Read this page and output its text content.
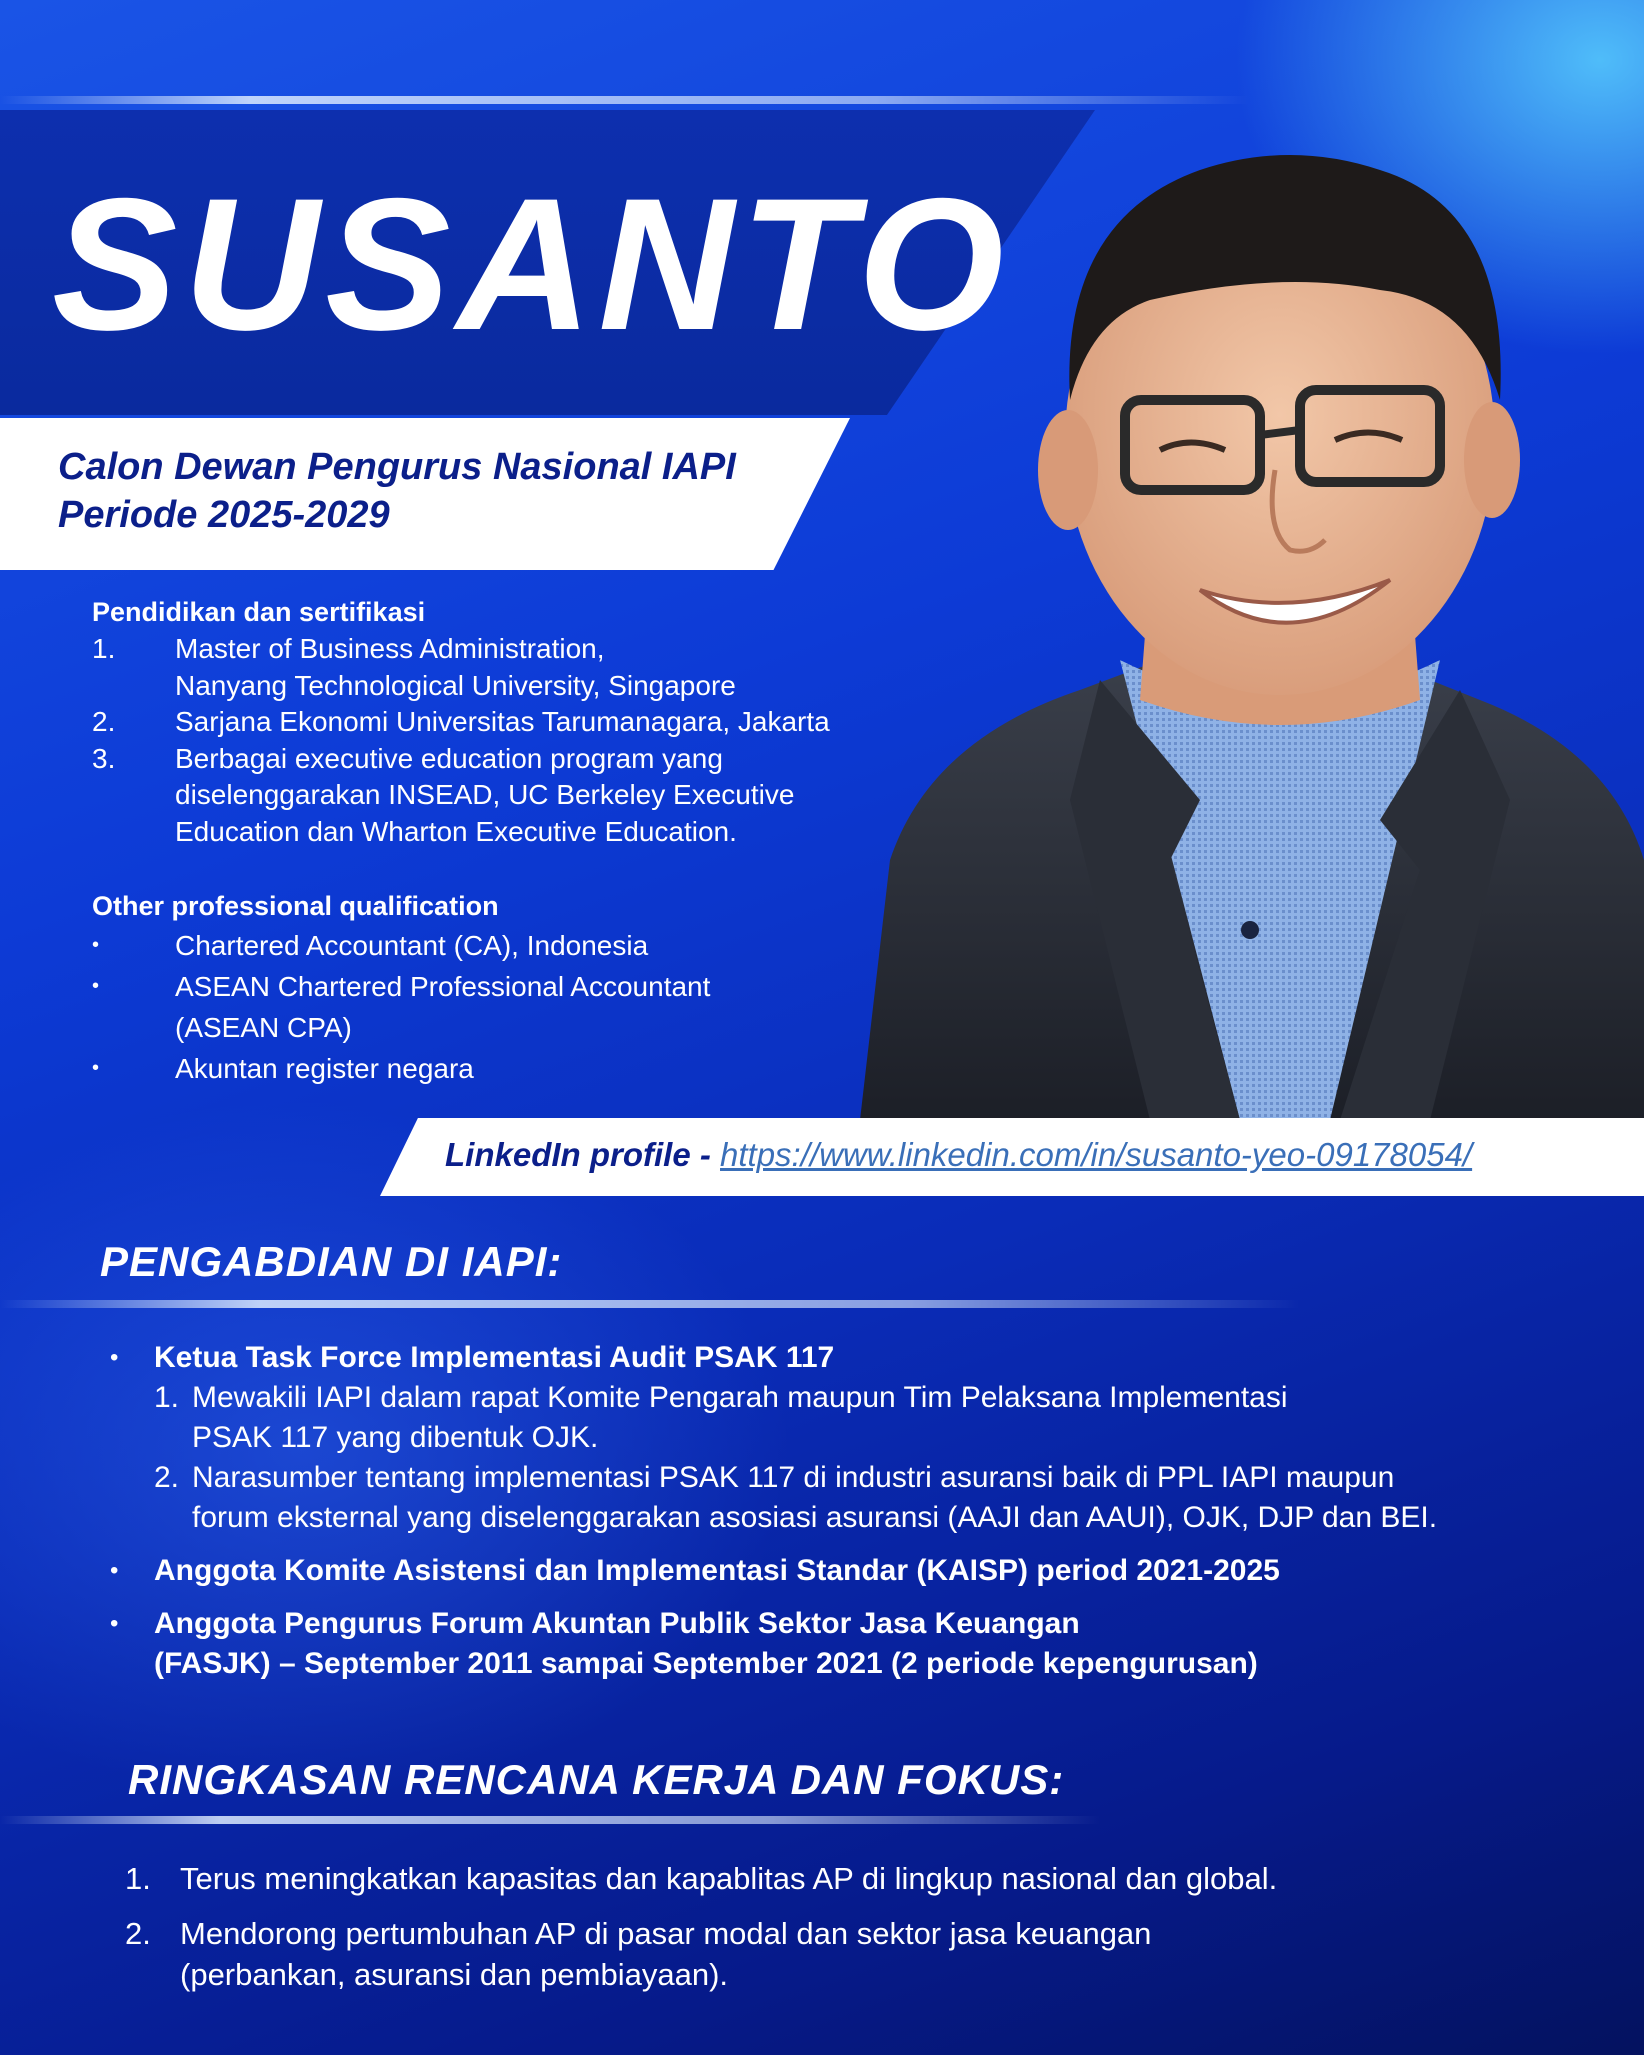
SUSANTO
Calon Dewan Pengurus Nasional IAPI
Periode 2025-2029
Pendidikan dan sertifikasi
1.	Master of Business Administration,
Nanyang Technological University, Singapore
2.	Sarjana Ekonomi Universitas Tarumanagara, Jakarta
3.	Berbagai executive education program yang
diselenggarakan INSEAD, UC Berkeley Executive
Education dan Wharton Executive Education.
Other professional qualification
•	Chartered Accountant (CA), Indonesia
•	ASEAN Chartered Professional Accountant
(ASEAN CPA)
•	Akuntan register negara
LinkedIn profile - https://www.linkedin.com/in/susanto-yeo-09178054/
PENGABDIAN DI IAPI:
•	Ketua Task Force Implementasi Audit PSAK 117
1. Mewakili IAPI dalam rapat Komite Pengarah maupun Tim Pelaksana Implementasi
PSAK 117 yang dibentuk OJK.
2. Narasumber tentang implementasi PSAK 117 di industri asuransi baik di PPL IAPI maupun
forum eksternal yang diselenggarakan asosiasi asuransi (AAJI dan AAUI), OJK, DJP dan BEI.
•	Anggota Komite Asistensi dan Implementasi Standar (KAISP) period 2021-2025
•	Anggota Pengurus Forum Akuntan Publik Sektor Jasa Keuangan
(FASJK) – September 2011 sampai September 2021 (2 periode kepengurusan)
RINGKASAN RENCANA KERJA DAN FOKUS:
1. Terus meningkatkan kapasitas dan kapablitas AP di lingkup nasional dan global.
2. Mendorong pertumbuhan AP di pasar modal dan sektor jasa keuangan
(perbankan, asuransi dan pembiayaan).
